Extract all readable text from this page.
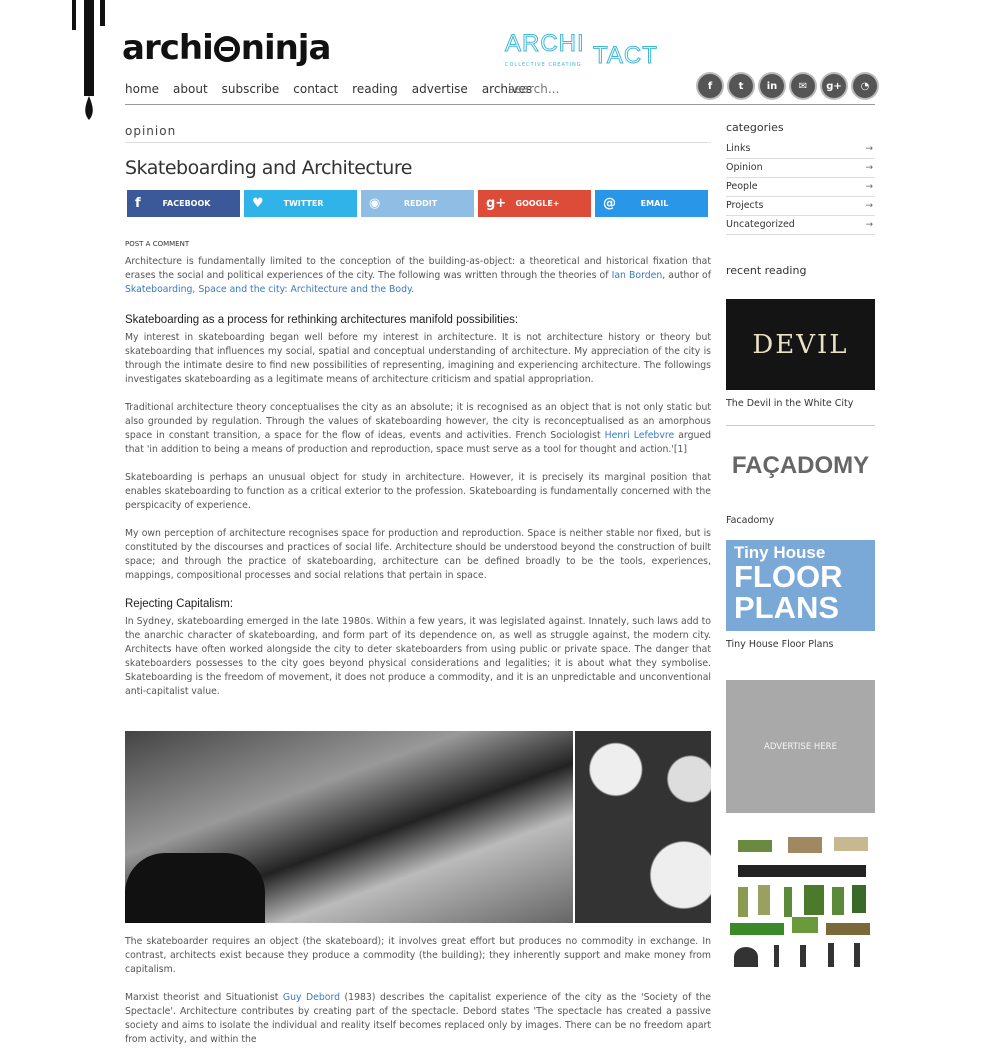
archi ninja	ARCHI TACT
COLLECTIVE CREATING
home about subscribe contact reading advertise archives
search...	f	t	in	✉	g+	◔
opinion
Skateboarding and Architecture
f	FACEBOOK	♥	TWITTER	◉	REDDIT	g+	GOOGLE+	@	EMAIL
POST A COMMENT

Architecture is fundamentally limited to the conception of the building-as-object: a theoretical and historical fixation that erases the social and political experiences of the city. The following was written through the theories of Ian Borden, author of Skateboarding, Space and the city: Architecture and the Body.

Skateboarding as a process for rethinking architectures manifold possibilities:

My interest in skateboarding began well before my interest in architecture. It is not architecture history or theory but skateboarding that influences my social, spatial and conceptual understanding of architecture. My appreciation of the city is through the intimate desire to find new possibilities of representing, imagining and experiencing architecture. The followings investigates skateboarding as a legitimate means of architecture criticism and spatial appropriation.

Traditional architecture theory conceptualises the city as an absolute; it is recognised as an object that is not only static but also grounded by regulation. Through the values of skateboarding however, the city is reconceptualised as an amorphous space in constant transition, a space for the flow of ideas, events and activities. French Sociologist Henri Lefebvre argued that 'in addition to being a means of production and reproduction, space must serve as a tool for thought and action.'[1]

Skateboarding is perhaps an unusual object for study in architecture. However, it is precisely its marginal position that enables skateboarding to function as a critical exterior to the profession. Skateboarding is fundamentally concerned with the perspicacity of experience.

My own perception of architecture recognises space for production and reproduction. Space is neither stable nor fixed, but is constituted by the discourses and practices of social life. Architecture should be understood beyond the construction of built space; and through the practice of skateboarding, architecture can be defined broadly to be the tools, experiences, mappings, compositional processes and social relations that pertain in space.

Rejecting Capitalism:

In Sydney, skateboarding emerged in the late 1980s. Within a few years, it was legislated against. Innately, such laws add to the anarchic character of skateboarding, and form part of its dependence on, as well as struggle against, the modern city. Architects have often worked alongside the city to deter skateboarders from using public or private space. The danger that skateboarders possesses to the city goes beyond physical considerations and legalities; it is about what they symbolise. Skateboarding is the freedom of movement, it does not produce a commodity, and it is an unpredictable and unconventional anti-capitalist value.

The skateboarder requires an object (the skateboard); it involves great effort but produces no commodity in exchange. In contrast, architects exist because they produce a commodity (the building); they inherently support and make money from capitalism.

Marxist theorist and Situationist Guy Debord (1983) describes the capitalist experience of the city as the 'Society of the Spectacle'. Architecture contributes by creating part of the spectacle. Debord states 'The spectacle has created a passive society and aims to isolate the individual and reality itself becomes replaced only by images. There can be no freedom apart from activity, and within the

categories
Links →
Opinion →
People →
Projects →
Uncategorized →
recent reading
DEVIL
The Devil in the White City
FAÇADOMY
Facadomy
Tiny House
FLOOR
PLANS
Tiny House Floor Plans
ADVERTISE HERE
